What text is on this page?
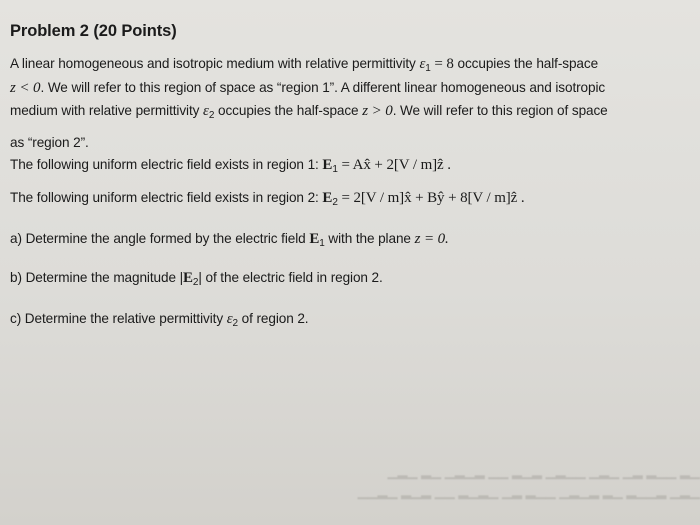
Problem 2 (20 Points)
A linear homogeneous and isotropic medium with relative permittivity $\varepsilon_1 = 8$ occupies the half-space
z < 0. We will refer to this region of space as “region 1”. A different linear homogeneous and isotropic
medium with relative permittivity $\varepsilon_2$ occupies the half-space z > 0. We will refer to this region of space
as “region 2”.
The following uniform electric field exists in region 1: $E_1$ = Ax̂ + 2[V / m]ẑ .
The following uniform electric field exists in region 2: $E_2 = 2[V$ / m]x̂ + Bŷ + 8[V / m]ẑ .
a) Determine the angle formed by the electric field $E_1$ with the plane z = 0.
b) Determine the magnitude $|E_2|$ of the electric field in region 2.
c) Determine the relative permittivity $\varepsilon_2$ of region 2.
▁▂ ▁▁▂ ▂▁ ▁▂▁ ▁▁▂▁ ▂▁▂ ▁▁ ▂▁▂▁ ▁▂ ▁▂▁
▁▂▁ ▂▁▁▂ ▁▂ ▂▁▂▁ ▁▁▂ ▂▁ ▁▂▁▂ ▁▁ ▂▁▂ ▁▂▁▁
